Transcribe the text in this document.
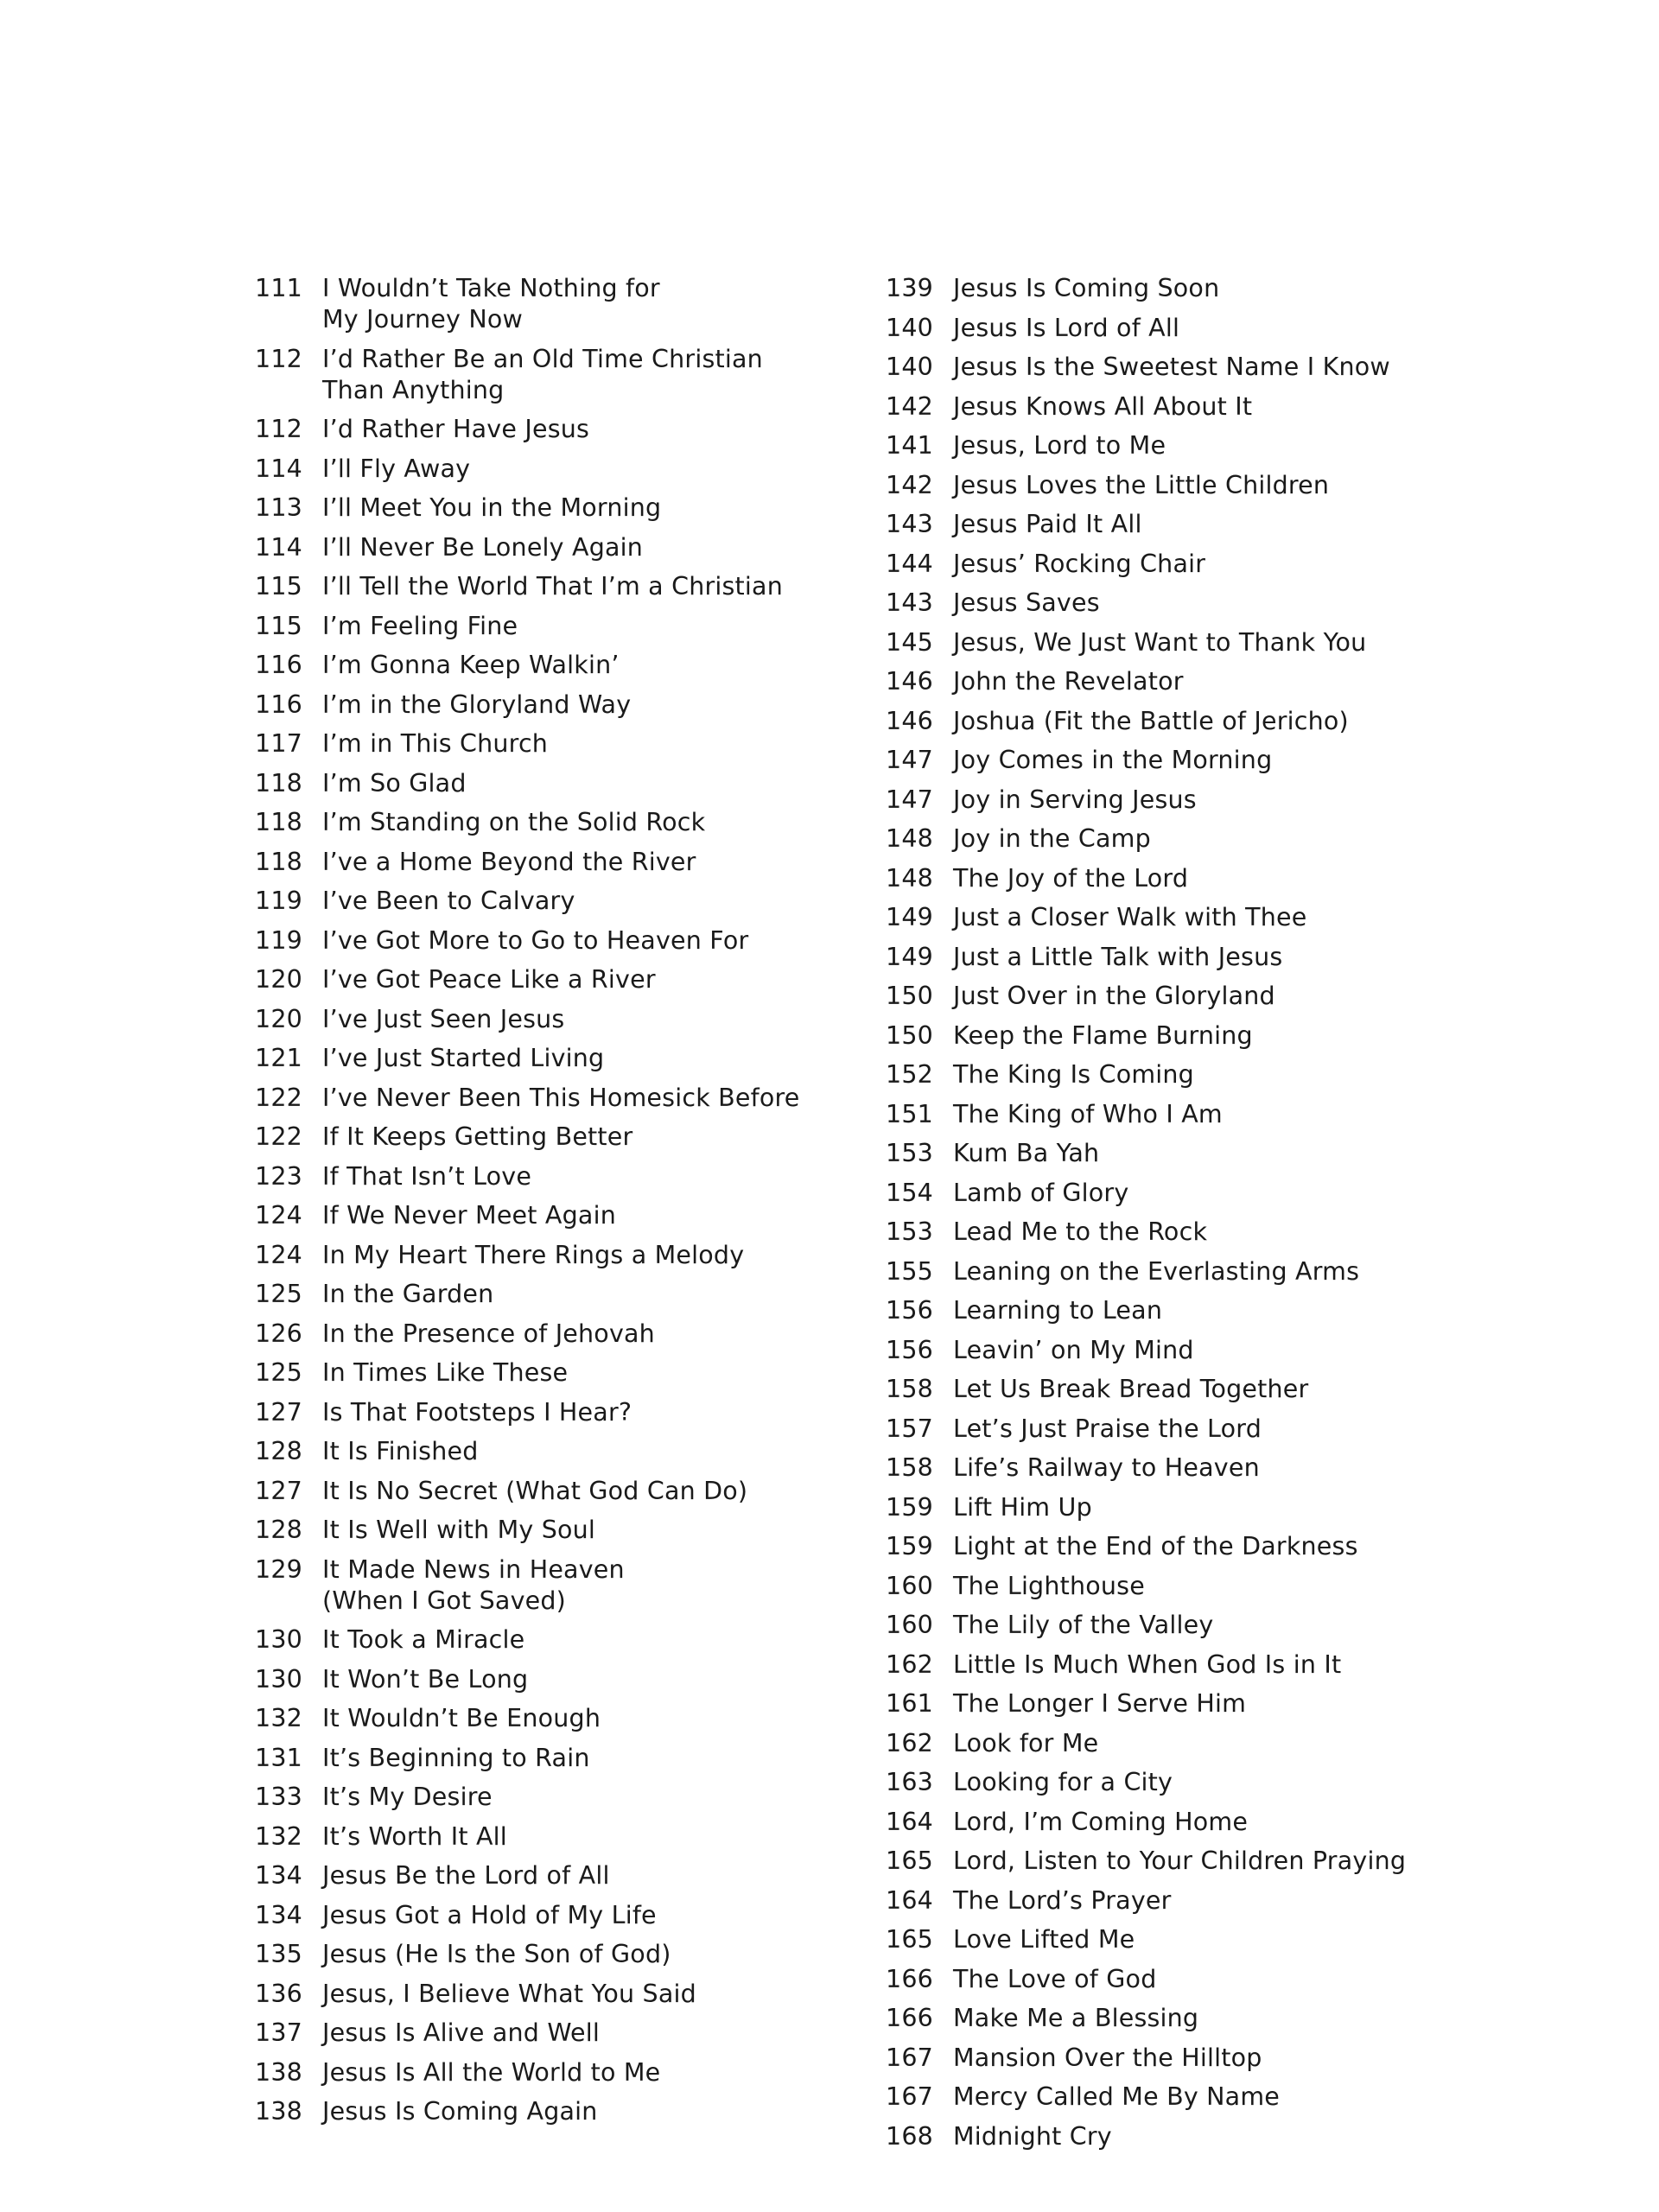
111 I Wouldn’t Take Nothing for
My Journey Now
112 I’d Rather Be an Old Time Christian
Than Anything
112 I’d Rather Have Jesus
114 I’ll Fly Away
113 I’ll Meet You in the Morning
114 I’ll Never Be Lonely Again
115 I’ll Tell the World That I’m a Christian
115 I’m Feeling Fine
116 I’m Gonna Keep Walkin’
116 I’m in the Gloryland Way
117 I’m in This Church
118 I’m So Glad
118 I’m Standing on the Solid Rock
118 I’ve a Home Beyond the River
119 I’ve Been to Calvary
119 I’ve Got More to Go to Heaven For
120 I’ve Got Peace Like a River
120 I’ve Just Seen Jesus
121 I’ve Just Started Living
122 I’ve Never Been This Homesick Before
122 If It Keeps Getting Better
123 If That Isn’t Love
124 If We Never Meet Again
124 In My Heart There Rings a Melody
125 In the Garden
126 In the Presence of Jehovah
125 In Times Like These
127 Is That Footsteps I Hear?
128 It Is Finished
127 It Is No Secret (What God Can Do)
128 It Is Well with My Soul
129 It Made News in Heaven
(When I Got Saved)
130 It Took a Miracle
130 It Won’t Be Long
132 It Wouldn’t Be Enough
131 It’s Beginning to Rain
133 It’s My Desire
132 It’s Worth It All
134 Jesus Be the Lord of All
134 Jesus Got a Hold of My Life
135 Jesus (He Is the Son of God)
136 Jesus, I Believe What You Said
137 Jesus Is Alive and Well
138 Jesus Is All the World to Me
138 Jesus Is Coming Again
139 Jesus Is Coming Soon
140 Jesus Is Lord of All
140 Jesus Is the Sweetest Name I Know
142 Jesus Knows All About It
141 Jesus, Lord to Me
142 Jesus Loves the Little Children
143 Jesus Paid It All
144 Jesus’ Rocking Chair
143 Jesus Saves
145 Jesus, We Just Want to Thank You
146 John the Revelator
146 Joshua (Fit the Battle of Jericho)
147 Joy Comes in the Morning
147 Joy in Serving Jesus
148 Joy in the Camp
148 The Joy of the Lord
149 Just a Closer Walk with Thee
149 Just a Little Talk with Jesus
150 Just Over in the Gloryland
150 Keep the Flame Burning
152 The King Is Coming
151 The King of Who I Am
153 Kum Ba Yah
154 Lamb of Glory
153 Lead Me to the Rock
155 Leaning on the Everlasting Arms
156 Learning to Lean
156 Leavin’ on My Mind
158 Let Us Break Bread Together
157 Let’s Just Praise the Lord
158 Life’s Railway to Heaven
159 Lift Him Up
159 Light at the End of the Darkness
160 The Lighthouse
160 The Lily of the Valley
162 Little Is Much When God Is in It
161 The Longer I Serve Him
162 Look for Me
163 Looking for a City
164 Lord, I’m Coming Home
165 Lord, Listen to Your Children Praying
164 The Lord’s Prayer
165 Love Lifted Me
166 The Love of God
166 Make Me a Blessing
167 Mansion Over the Hilltop
167 Mercy Called Me By Name
168 Midnight Cry
